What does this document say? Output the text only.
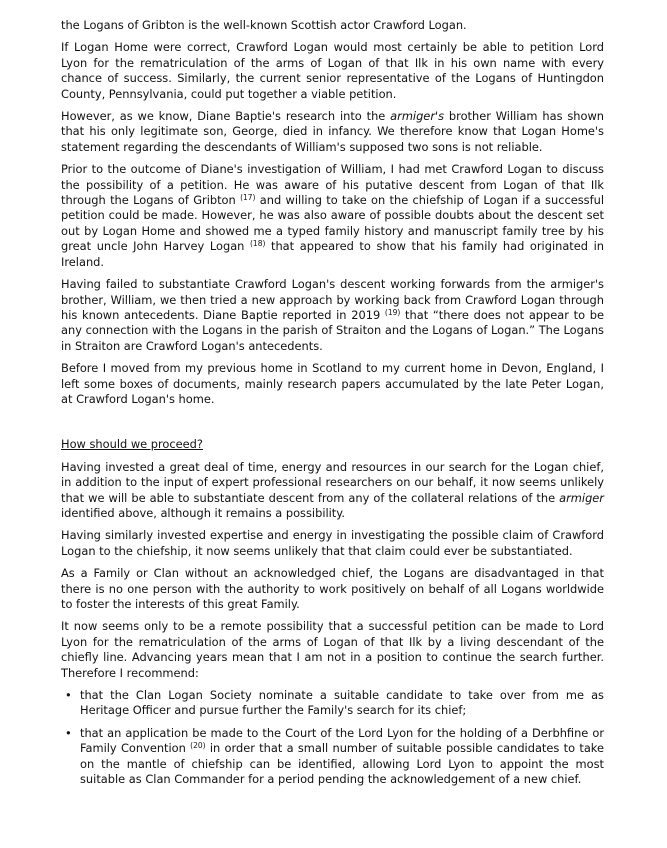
the Logans of Gribton is the well-known Scottish actor Crawford Logan.

If Logan Home were correct, Crawford Logan would most certainly be able to petition Lord Lyon for the rematriculation of the arms of Logan of that Ilk in his own name with every chance of success. Similarly, the current senior representative of the Logans of Huntingdon County, Pennsylvania, could put together a viable petition.

However, as we know, Diane Baptie's research into the armiger's brother William has shown that his only legitimate son, George, died in infancy. We therefore know that Logan Home's statement regarding the descendants of William's supposed two sons is not reliable.

Prior to the outcome of Diane's investigation of William, I had met Crawford Logan to discuss the possibility of a petition. He was aware of his putative descent from Logan of that Ilk through the Logans of Gribton $^{(17)}$ and willing to take on the chiefship of Logan if a successful petition could be made. However, he was also aware of possible doubts about the descent set out by Logan Home and showed me a typed family history and manuscript family tree by his great uncle John Harvey Logan $^{(18)}$ that appeared to show that his family had originated in Ireland.

Having failed to substantiate Crawford Logan's descent working forwards from the armiger's brother, William, we then tried a new approach by working back from Crawford Logan through his known antecedents. Diane Baptie reported in 2019 $^{(19)}$ that “there does not appear to be any connection with the Logans in the parish of Straiton and the Logans of Logan.” The Logans in Straiton are Crawford Logan's antecedents.

Before I moved from my previous home in Scotland to my current home in Devon, England, I left some boxes of documents, mainly research papers accumulated by the late Peter Logan, at Crawford Logan's home.

How should we proceed?

Having invested a great deal of time, energy and resources in our search for the Logan chief, in addition to the input of expert professional researchers on our behalf, it now seems unlikely that we will be able to substantiate descent from any of the collateral relations of the armiger identified above, although it remains a possibility.

Having similarly invested expertise and energy in investigating the possible claim of Crawford Logan to the chiefship, it now seems unlikely that that claim could ever be substantiated.

As a Family or Clan without an acknowledged chief, the Logans are disadvantaged in that there is no one person with the authority to work positively on behalf of all Logans worldwide to foster the interests of this great Family.

It now seems only to be a remote possibility that a successful petition can be made to Lord Lyon for the rematriculation of the arms of Logan of that Ilk by a living descendant of the chiefly line. Advancing years mean that I am not in a position to continue the search further. Therefore I recommend:

• that the Clan Logan Society nominate a suitable candidate to take over from me as Heritage Officer and pursue further the Family's search for its chief;
• that an application be made to the Court of the Lord Lyon for the holding of a Derbhfine or Family Convention $^{(20)}$ in order that a small number of suitable possible candidates to take on the mantle of chiefship can be identified, allowing Lord Lyon to appoint the most suitable as Clan Commander for a period pending the acknowledgement of a new chief.
